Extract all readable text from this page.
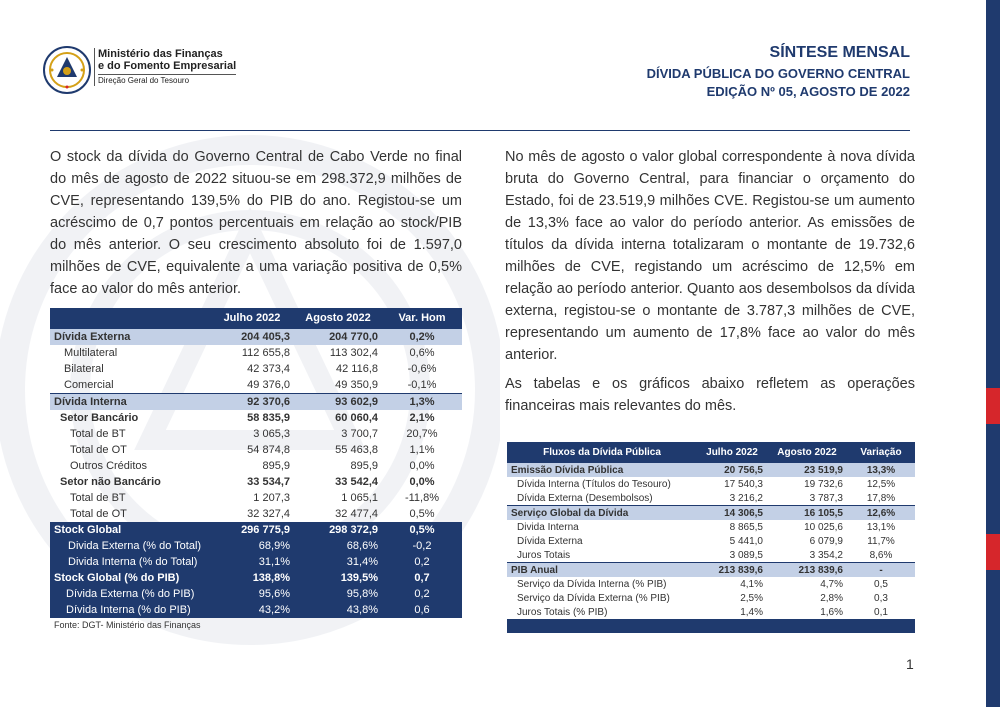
Ministério das Finanças
e do Fomento Empresarial
Direção Geral do Tesouro
SÍNTESE MENSAL
DÍVIDA PÚBLICA DO GOVERNO CENTRAL
EDIÇÃO Nº 05, AGOSTO DE 2022
O stock da dívida do Governo Central de Cabo Verde no final do mês de agosto de 2022 situou-se em 298.372,9 milhões de CVE, representando 139,5% do PIB do ano. Registou-se um acréscimo de 0,7 pontos percentuais em relação ao stock/PIB do mês anterior. O seu crescimento absoluto foi de 1.597,0 milhões de CVE, equivalente a uma variação positiva de 0,5% face ao valor do mês anterior.
No mês de agosto o valor global correspondente à nova dívida bruta do Governo Central, para financiar o orçamento do Estado, foi de 23.519,9 milhões CVE. Registou-se um aumento de 13,3% face ao valor do período anterior. As emissões de títulos da dívida interna totalizaram o montante de 19.732,6 milhões de CVE, registando um acréscimo de 12,5% em relação ao período anterior. Quanto aos desembolsos da dívida externa, registou-se o montante de 3.787,3 milhões de CVE, representando um aumento de 17,8% face ao valor do mês anterior.
As tabelas e os gráficos abaixo refletem as operações financeiras mais relevantes do mês.
	Julho 2022	Agosto 2022	Var. Hom
Dívida Externa	204 405,3	204 770,0	0,2%
Multilateral	112 655,8	113 302,4	0,6%
Bilateral	42 373,4	42 116,8	-0,6%
Comercial	49 376,0	49 350,9	-0,1%
Dívida Interna	92 370,6	93 602,9	1,3%
Setor Bancário	58 835,9	60 060,4	2,1%
Total de BT	3 065,3	3 700,7	20,7%
Total de OT	54 874,8	55 463,8	1,1%
Outros Créditos	895,9	895,9	0,0%
Setor não Bancário	33 534,7	33 542,4	0,0%
Total de BT	1 207,3	1 065,1	-11,8%
Total de OT	32 327,4	32 477,4	0,5%
Stock Global	296 775,9	298 372,9	0,5%
Divida Externa (% do Total)	68,9%	68,6%	-0,2
Divida Interna (% do Total)	31,1%	31,4%	0,2
Stock Global (% do PIB)	138,8%	139,5%	0,7
Dívida Externa (% do PIB)	95,6%	95,8%	0,2
Dívida Interna (% do PIB)	43,2%	43,8%	0,6
Fonte: DGT- Ministério das Finanças			
Fluxos da Dívida Pública	Julho 2022	Agosto 2022	Variação
Emissão Dívida Pública	20 756,5	23 519,9	13,3%
Dívida Interna (Títulos do Tesouro)	17 540,3	19 732,6	12,5%
Dívida Externa (Desembolsos)	3 216,2	3 787,3	17,8%
Serviço Global da Dívida	14 306,5	16 105,5	12,6%
Divida Interna	8 865,5	10 025,6	13,1%
Dívida Externa	5 441,0	6 079,9	11,7%
Juros Totais	3 089,5	3 354,2	8,6%
PIB Anual	213 839,6	213 839,6	-
Serviço da Dívida Interna (% PIB)	4,1%	4,7%	0,5
Serviço da Dívida Externa (% PIB)	2,5%	2,8%	0,3
Juros Totais (% PIB)	1,4%	1,6%	0,1

1
